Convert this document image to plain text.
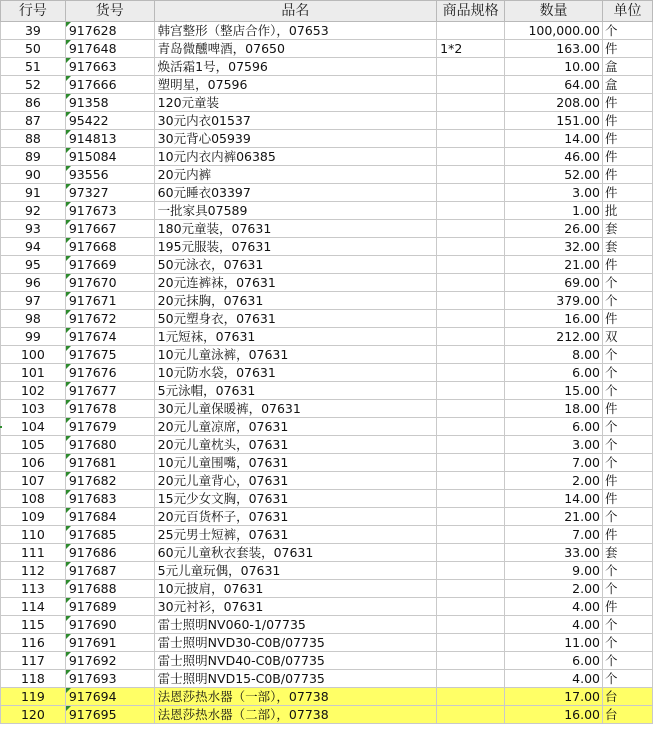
行号	货号	品名	商品规格	数量	单位
39	917628	韩宫整形（整店合作），07653		100,000.00	个
50	917648	青岛微醺啤酒，07650	1*2	163.00	件
51	917663	焕活霜1号，07596		10.00	盒
52	917666	塑明星，07596		64.00	盒
86	91358	120元童装		208.00	件
87	95422	30元内衣01537		151.00	件
88	914813	30元背心05939		14.00	件
89	915084	10元内衣内裤06385		46.00	件
90	93556	20元内裤		52.00	件
91	97327	60元睡衣03397		3.00	件
92	917673	一批家具07589		1.00	批
93	917667	180元童装，07631		26.00	套
94	917668	195元服装，07631		32.00	套
95	917669	50元泳衣，07631		21.00	件
96	917670	20元连裤袜，07631		69.00	个
97	917671	20元抹胸，07631		379.00	个
98	917672	50元塑身衣，07631		16.00	件
99	917674	1元短袜，07631		212.00	双
100	917675	10元儿童泳裤，07631		8.00	个
101	917676	10元防水袋，07631		6.00	个
102	917677	5元泳帽，07631		15.00	个
103	917678	30元儿童保暖裤，07631		18.00	件
104	917679	20元儿童凉席，07631		6.00	个
105	917680	20元儿童枕头，07631		3.00	个
106	917681	10元儿童围嘴，07631		7.00	个
107	917682	20元儿童背心，07631		2.00	件
108	917683	15元少女文胸，07631		14.00	件
109	917684	20元百货杯子，07631		21.00	个
110	917685	25元男士短裤，07631		7.00	件
111	917686	60元儿童秋衣套装，07631		33.00	套
112	917687	5元儿童玩偶，07631		9.00	个
113	917688	10元披肩，07631		2.00	个
114	917689	30元衬衫，07631		4.00	件
115	917690	雷士照明NV060-1/07735		4.00	个
116	917691	雷士照明NVD30-C0B/07735		11.00	个
117	917692	雷士照明NVD40-C0B/07735		6.00	个
118	917693	雷士照明NVD15-C0B/07735		4.00	个
119	917694	法恩莎热水器（一部），07738		17.00	台
120	917695	法恩莎热水器（二部），07738		16.00	台
